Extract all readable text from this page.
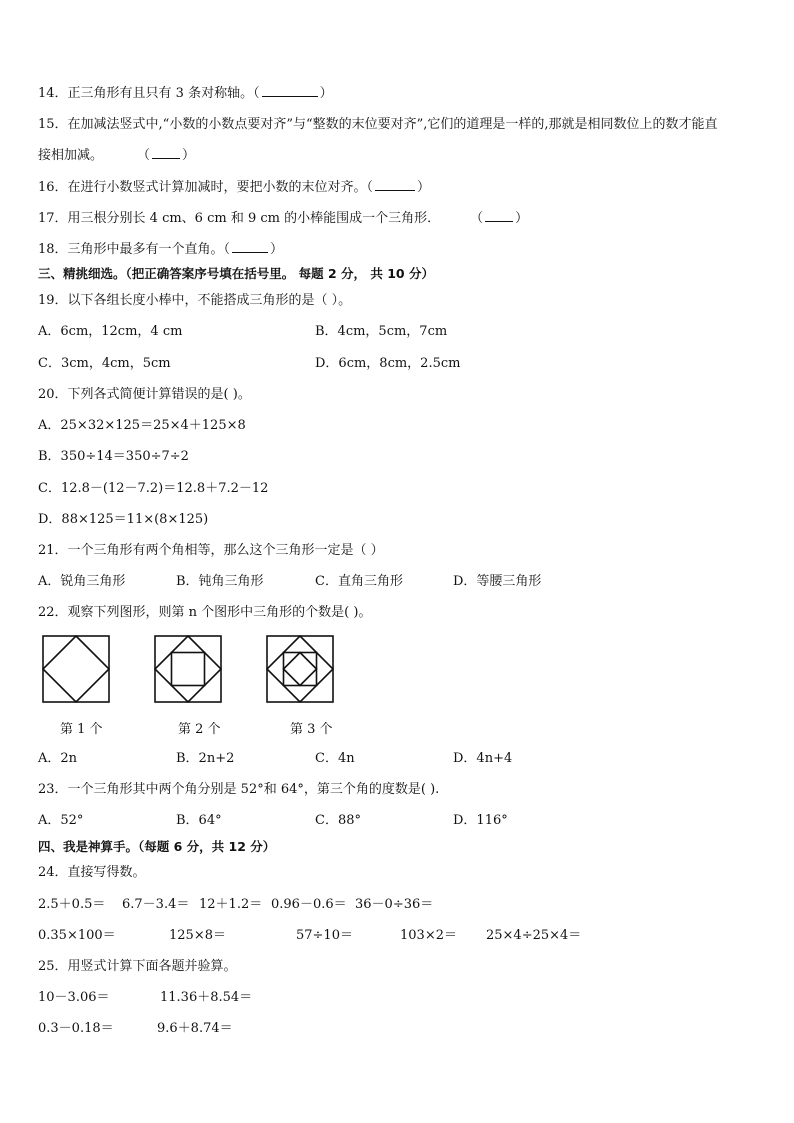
14．正三角形有且只有 3 条对称轴。（	）
15．在加减法竖式中,“小数的小数点要对齐”与“整数的末位要对齐”,它们的道理是一样的,那就是相同数位上的数才能直
接相加减。	（ ）
16．在进行小数竖式计算加减时，要把小数的末位对齐。（	）
17．用三根分别长 4 cm、6 cm 和 9 cm 的小棒能围成一个三角形． （ ）
18．三角形中最多有一个直角。（	）
三、精挑细选。（把正确答案序号填在括号里。 每题 2 分， 共 10 分）
19．以下各组长度小棒中，不能搭成三角形的是（ ）。
A．6cm，12cm，4 cm	B．4cm，5cm，7cm
C．3cm，4cm，5cm	D．6cm，8cm，2.5cm
20．下列各式简便计算错误的是( )。
A．25×32×125＝25×4＋125×8
B．350÷14＝350÷7÷2
C．12.8－(12－7.2)＝12.8＋7.2－12
D．88×125＝11×(8×125)
21．一个三角形有两个角相等，那么这个三角形一定是（ ）
A．锐角三角形	B．钝角三角形	C．直角三角形	D．等腰三角形
22．观察下列图形，则第 n 个图形中三角形的个数是( )。
第 1 个	第 2 个	第 3 个
A．2n	B．2n+2	C．4n	D．4n+4
23．一个三角形其中两个角分别是 52°和 64°，第三个角的度数是( ).
A．52°	B．64°	C．88°	D．116°
四、我是神算手。（每题 6 分，共 12 分）
24．直接写得数。
2.5＋0.5＝ 6.7－3.4＝ 12＋1.2＝ 0.96－0.6＝ 36－0÷36＝
0.35×100＝	125×8＝	57÷10＝	103×2＝ 25×4÷25×4＝
25．用竖式计算下面各题并验算。
10－3.06＝	11.36＋8.54＝
0.3－0.18＝	9.6＋8.74＝
